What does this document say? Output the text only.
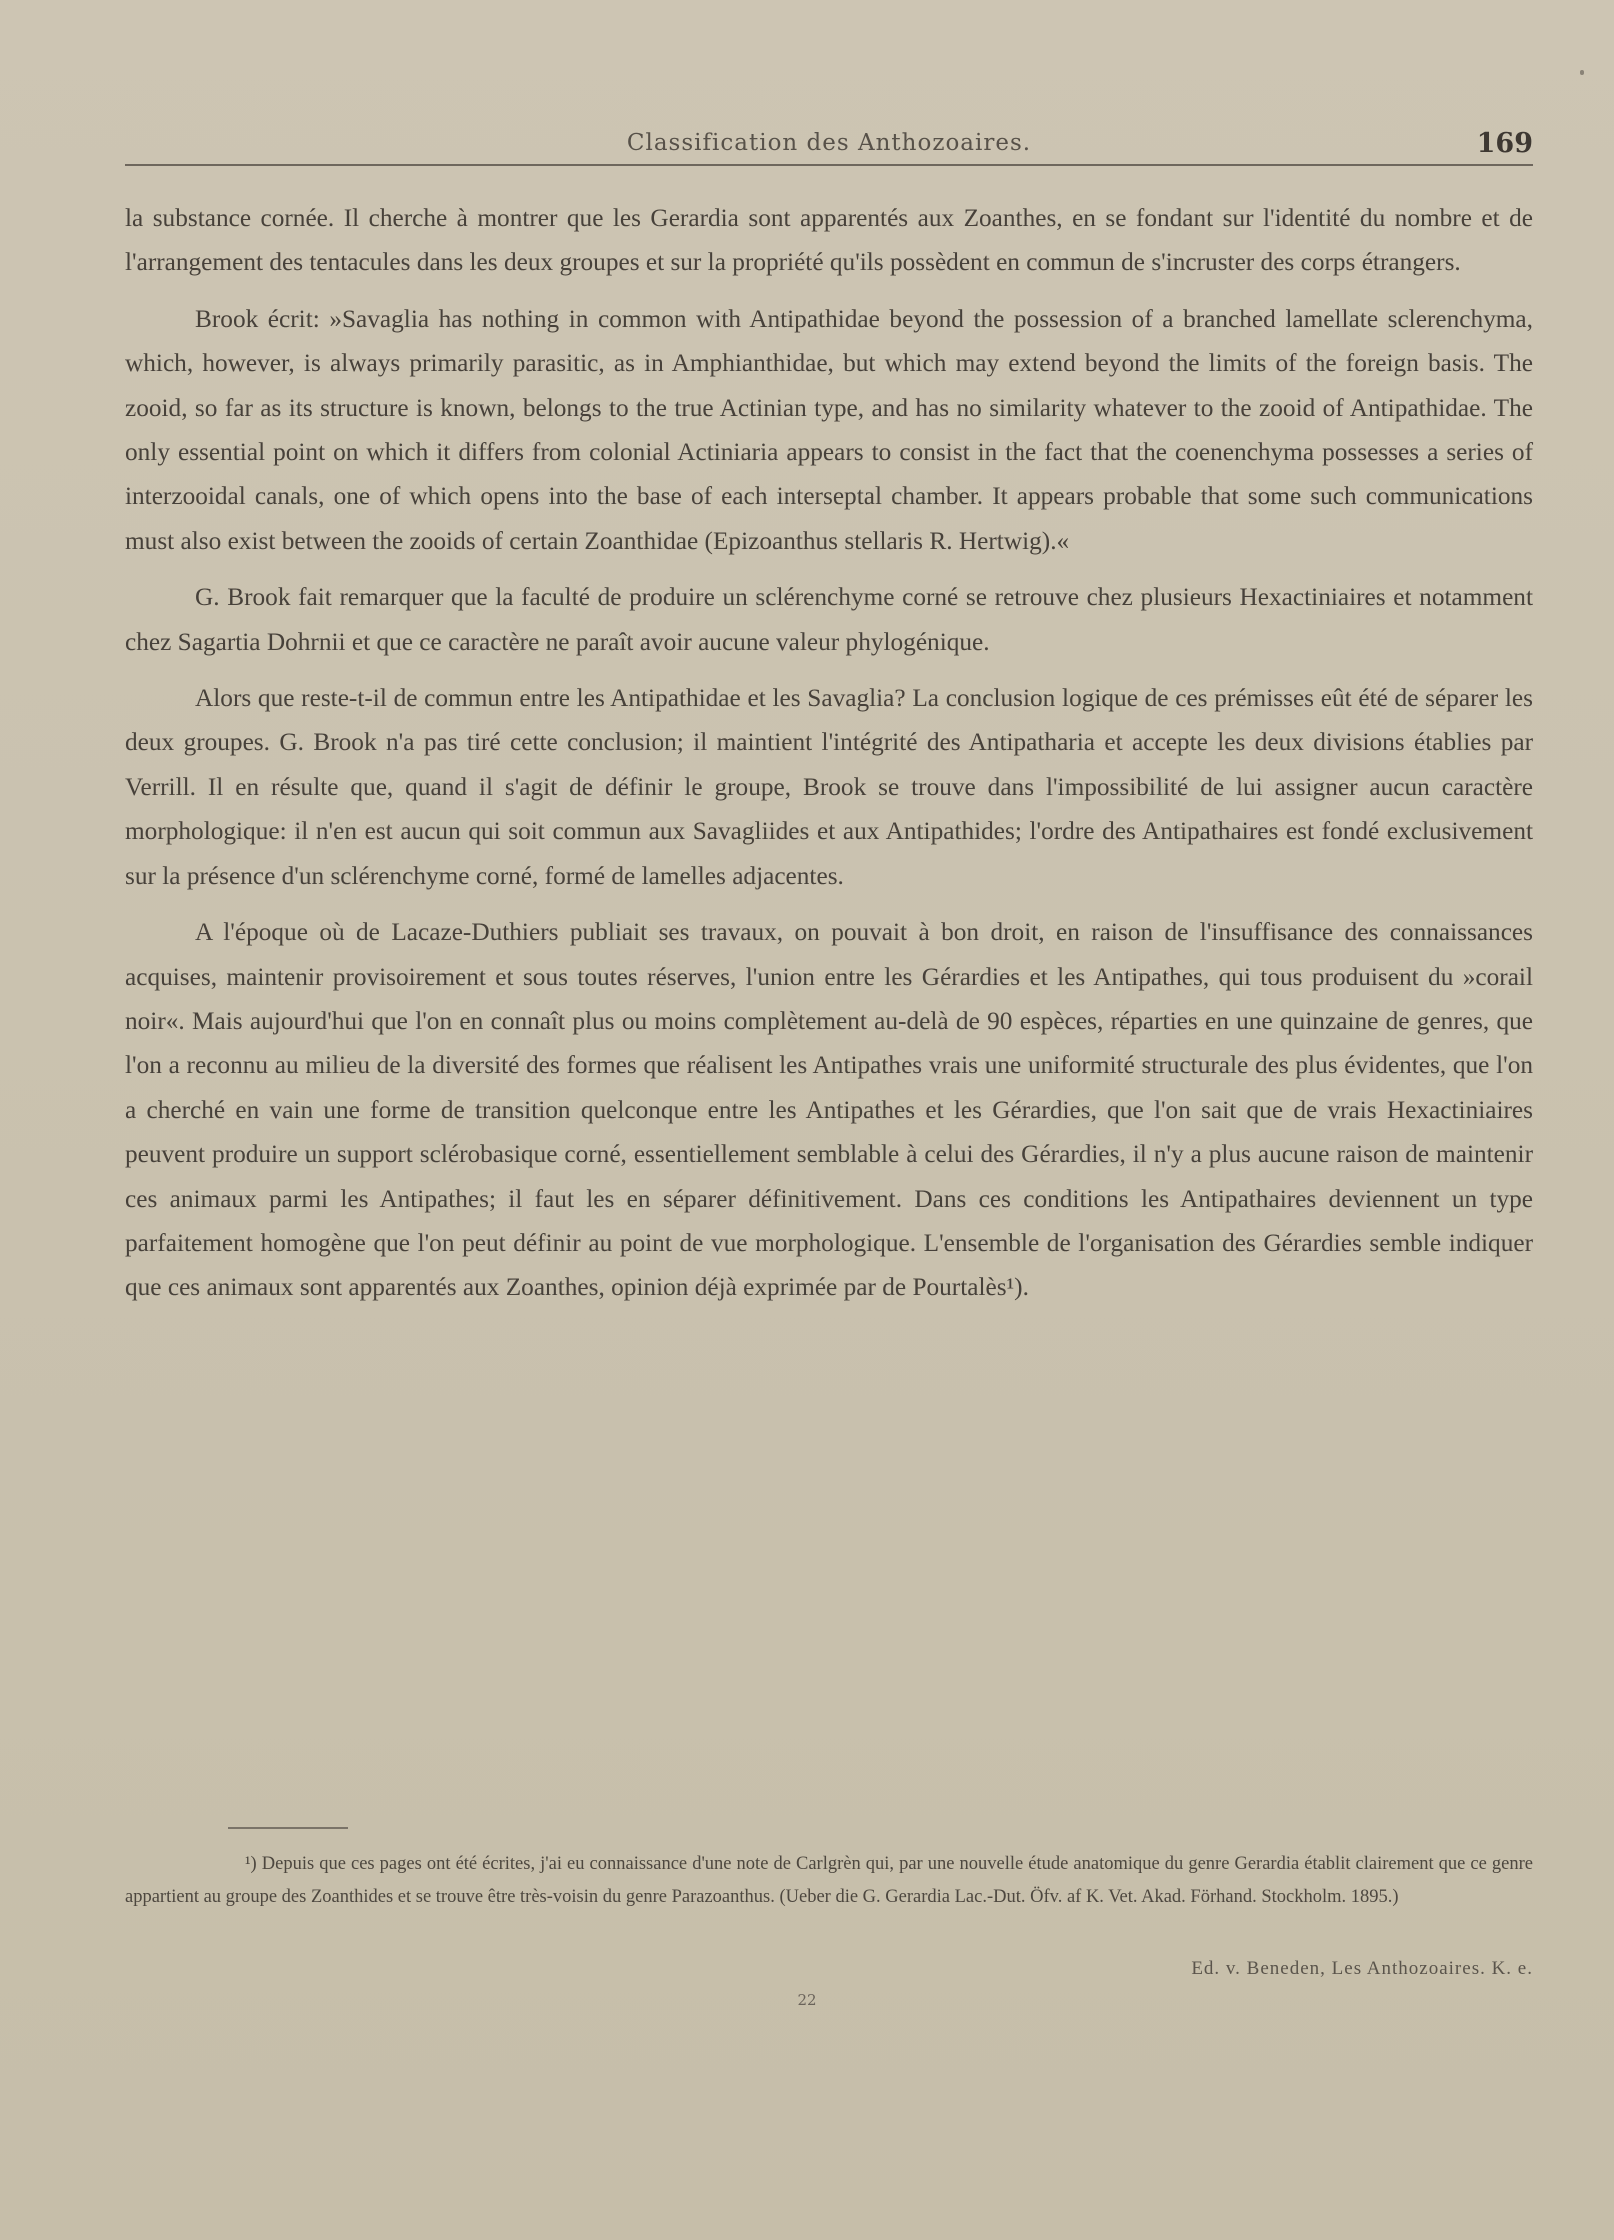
Classification des Anthozoaires.	169

la substance cornée. Il cherche à montrer que les Gerardia sont apparentés aux Zoanthes, en se fondant sur l'identité du nombre et de l'arrangement des tentacules dans les deux groupes et sur la propriété qu'ils possèdent en commun de s'incruster des corps étrangers.

Brook écrit: »Savaglia has nothing in common with Antipathidae beyond the possession of a branched lamellate sclerenchyma, which, however, is always primarily parasitic, as in Amphianthidae, but which may extend beyond the limits of the foreign basis. The zooid, so far as its structure is known, belongs to the true Actinian type, and has no similarity whatever to the zooid of Antipathidae. The only essential point on which it differs from colonial Actiniaria appears to consist in the fact that the coenenchyma possesses a series of interzooidal canals, one of which opens into the base of each interseptal chamber. It appears probable that some such communications must also exist between the zooids of certain Zoanthidae (Epizoanthus stellaris R. Hertwig).«

G. Brook fait remarquer que la faculté de produire un sclérenchyme corné se retrouve chez plusieurs Hexactiniaires et notamment chez Sagartia Dohrnii et que ce caractère ne paraît avoir aucune valeur phylogénique.

Alors que reste-t-il de commun entre les Antipathidae et les Savaglia? La conclusion logique de ces prémisses eût été de séparer les deux groupes. G. Brook n'a pas tiré cette conclusion; il maintient l'intégrité des Antipatharia et accepte les deux divisions établies par Verrill. Il en résulte que, quand il s'agit de définir le groupe, Brook se trouve dans l'impossibilité de lui assigner aucun caractère morphologique: il n'en est aucun qui soit commun aux Savagliides et aux Antipathides; l'ordre des Antipathaires est fondé exclusivement sur la présence d'un sclérenchyme corné, formé de lamelles adjacentes.

A l'époque où de Lacaze-Duthiers publiait ses travaux, on pouvait à bon droit, en raison de l'insuffisance des connaissances acquises, maintenir provisoirement et sous toutes réserves, l'union entre les Gérardies et les Antipathes, qui tous produisent du »corail noir«. Mais aujourd'hui que l'on en connaît plus ou moins complètement au-delà de 90 espèces, réparties en une quinzaine de genres, que l'on a reconnu au milieu de la diversité des formes que réalisent les Antipathes vrais une uniformité structurale des plus évidentes, que l'on a cherché en vain une forme de transition quelconque entre les Antipathes et les Gérardies, que l'on sait que de vrais Hexactiniaires peuvent produire un support sclérobasique corné, essentiellement semblable à celui des Gérardies, il n'y a plus aucune raison de maintenir ces animaux parmi les Antipathes; il faut les en séparer définitivement. Dans ces conditions les Antipathaires deviennent un type parfaitement homogène que l'on peut définir au point de vue morphologique. L'ensemble de l'organisation des Gérardies semble indiquer que ces animaux sont apparentés aux Zoanthes, opinion déjà exprimée par de Pourtalès¹).

¹) Depuis que ces pages ont été écrites, j'ai eu connaissance d'une note de Carlgrèn qui, par une nouvelle étude anatomique du genre Gerardia établit clairement que ce genre appartient au groupe des Zoanthides et se trouve être très-voisin du genre Parazoanthus. (Ueber die G. Gerardia Lac.-Dut. Öfv. af K. Vet. Akad. Förhand. Stockholm. 1895.)
Ed. v. Beneden, Les Anthozoaires. K. e.
22
